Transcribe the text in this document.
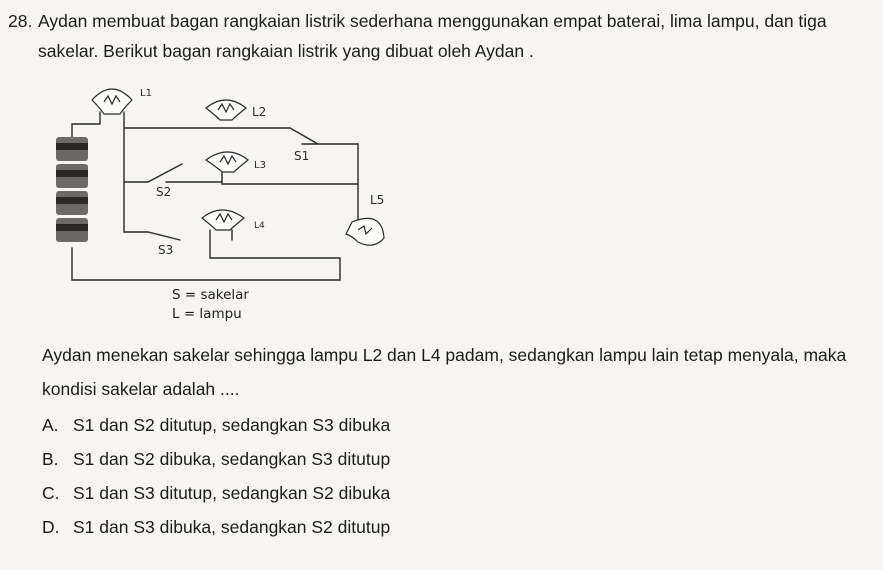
28. Aydan membuat bagan rangkaian listrik sederhana menggunakan empat baterai, lima lampu, dan tiga sakelar. Berikut bagan rangkaian listrik yang dibuat oleh Aydan .
L1
L2
L3
S1
S2
L5
L4
S3
S = sakelar
L = lampu
Aydan menekan sakelar sehingga lampu L2 dan L4 padam, sedangkan lampu lain tetap menyala, maka kondisi sakelar adalah ....
A. S1 dan S2 ditutup, sedangkan S3 dibuka
B. S1 dan S2 dibuka, sedangkan S3 ditutup
C. S1 dan S3 ditutup, sedangkan S2 dibuka
D. S1 dan S3 dibuka, sedangkan S2 ditutup
